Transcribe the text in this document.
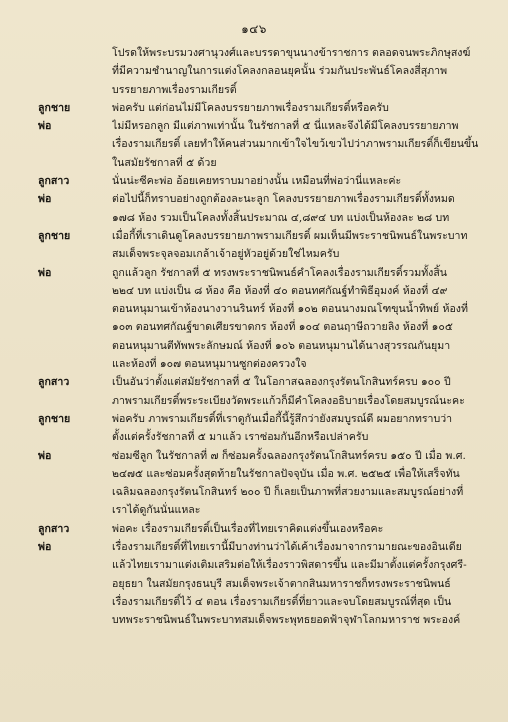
๑๔๖
โปรดให้พระบรมวงศานุวงศ์และบรรดาขุนนางข้าราชการ ตลอดจนพระภิกษุสงฆ์
ที่มีความชำนาญในการแต่งโคลงกลอนยุคนั้น ร่วมกันประพันธ์โคลงสี่สุภาพ
บรรยายภาพเรื่องรามเกียรติ์
ลูกชาย	พ่อครับ แต่ก่อนไม่มีโคลงบรรยายภาพเรื่องรามเกียรติ์หรือครับ
พ่อ	ไม่มีหรอกลูก มีแต่ภาพเท่านั้น ในรัชกาลที่ ๕ นี่แหละจึงได้มีโคลงบรรยายภาพ
เรื่องรามเกียรติ์ เลยทำให้คนส่วนมากเข้าใจไขว้เขวไปว่าภาพรามเกียรติ์ก็เขียนขึ้น
ในสมัยรัชกาลที่ ๕ ด้วย
ลูกสาว	นั่นน่ะซีคะพ่อ อ้อยเคยทราบมาอย่างนั้น เหมือนที่พ่อว่านี่แหละค่ะ
พ่อ	ต่อไปนี้ก็ทราบอย่างถูกต้องละนะลูก โคลงบรรยายภาพเรื่องรามเกียรติ์ทั้งหมด
๑๗๘ ห้อง รวมเป็นโคลงทั้งสิ้นประมาณ ๔,๘๙๔ บท แบ่งเป็นห้องละ ๒๘ บท
ลูกชาย	เมื่อกี้ที่เราเดินดูโคลงบรรยายภาพรามเกียรติ์ ผมเห็นมีพระราชนิพนธ์ในพระบาท
สมเด็จพระจุลจอมเกล้าเจ้าอยู่หัวอยู่ด้วยใช่ไหมครับ
พ่อ	ถูกแล้วลูก รัชกาลที่ ๕ ทรงพระราชนิพนธ์คำโคลงเรื่องรามเกียรติ์รวมทั้งสิ้น
๒๒๔ บท แบ่งเป็น ๘ ห้อง คือ ห้องที่ ๔๐ ตอนทศกัณฐ์ทำพิธีอุมงค์ ห้องที่ ๔๙
ตอนหนุมานเข้าห้องนางวานรินทร์ ห้องที่ ๑๐๒ ตอนนางมณโฑขุนน้ำทิพย์ ห้องที่
๑๐๓ ตอนทศกัณฐ์ขาดเศียรขาดกร ห้องที่ ๑๐๔ ตอนฤาษีถวายลิง ห้องที่ ๑๐๕
ตอนหนุมานตีทัพพระลักษมณ์ ห้องที่ ๑๐๖ ตอนหนุมานได้นางสุวรรณกันยุมา
และห้องที่ ๑๐๗ ตอนหนุมานซูกต่องครวงใจ
ลูกสาว	เป็นอันว่าตั้งแต่สมัยรัชกาลที่ ๕ ในโอกาสฉลองกรุงรัตนโกสินทร์ครบ ๑๐๐ ปี
ภาพรามเกียรติ์พระระเบียงวัดพระแก้วก็มีคำโคลงอธิบายเรื่องโดยสมบูรณ์นะคะ
ลูกชาย	พ่อครับ ภาพรามเกียรติ์ที่เราดูกันเมื่อกี้นี้รู้สึกว่ายังสมบูรณ์ดี ผมอยากทราบว่า
ตั้งแต่ครั้งรัชกาลที่ ๕ มาแล้ว เราซ่อมกันอีกหรือเปล่าครับ
พ่อ	ซ่อมซีลูก ในรัชกาลที่ ๗ ก็ซ่อมครั้งฉลองกรุงรัตนโกสินทร์ครบ ๑๕๐ ปี เมื่อ พ.ศ.
๒๔๗๕ และซ่อมครั้งสุดท้ายในรัชกาลปัจจุบัน เมื่อ พ.ศ. ๒๕๒๕ เพื่อให้เสร็จทัน
เฉลิมฉลองกรุงรัตนโกสินทร์ ๒๐๐ ปี ก็เลยเป็นภาพที่สวยงามและสมบูรณ์อย่างที่
เราได้ดูกันนั่นแหละ
ลูกสาว	พ่อคะ เรื่องรามเกียรติ์เป็นเรื่องที่ไทยเราคิดแต่งขึ้นเองหรือคะ
พ่อ	เรื่องรามเกียรติ์ที่ไทยเรานี้มีบางท่านว่าได้เค้าเรื่องมาจากรามายณะของอินเดีย
แล้วไทยเรามาแต่งเติมเสริมต่อให้เรื่องราวพิสดารขึ้น และมีมาตั้งแต่ครั้งกรุงศรี-
อยุธยา ในสมัยกรุงธนบุรี สมเด็จพระเจ้าตากสินมหาราชก็ทรงพระราชนิพนธ์
เรื่องรามเกียรติ์ไว้ ๔ ตอน เรื่องรามเกียรติ์ที่ยาวและจบโดยสมบูรณ์ที่สุด เป็น
บทพระราชนิพนธ์ในพระบาทสมเด็จพระพุทธยอดฟ้าจุฬาโลกมหาราช พระองค์
